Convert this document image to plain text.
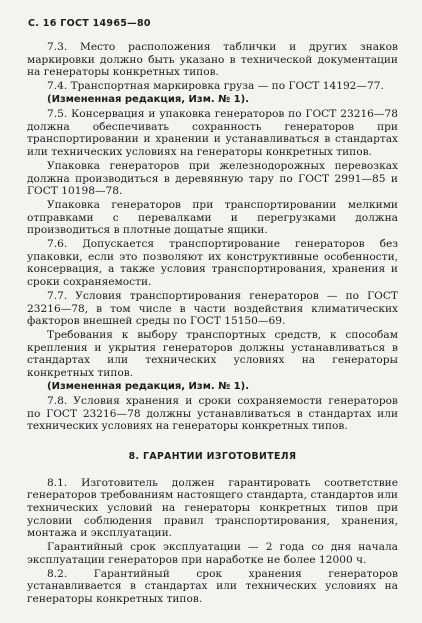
С. 16 ГОСТ 14965—80

7.3. Место расположения таблички и других знаков маркировки должно быть указано в технической документации на генераторы конкретных типов.

7.4. Транспортная маркировка груза — по ГОСТ 14192—77.

(Измененная редакция, Изм. № 1).

7.5. Консервация и упаковка генераторов по ГОСТ 23216—78 должна обеспечивать сохранность генераторов при транспортировании и хранении и устанавливаться в стандартах или технических условиях на генераторы конкретных типов.

Упаковка генераторов при железнодорожных перевозках должна производиться в деревянную тару по ГОСТ 2991—85 и ГОСТ 10198—78.

Упаковка генераторов при транспортировании мелкими отправками с перевалками и перегрузками должна производиться в плотные дощатые ящики.

7.6. Допускается транспортирование генераторов без упаковки, если это позволяют их конструктивные особенности, консервация, а также условия транспортирования, хранения и сроки сохраняемости.

7.7. Условия транспортирования генераторов — по ГОСТ 23216—78, в том числе в части воздействия климатических факторов внешней среды по ГОСТ 15150—69.

Требования к выбору транспортных средств, к способам крепления и укрытия генераторов должны устанавливаться в стандартах или технических условиях на генераторы конкретных типов.

(Измененная редакция, Изм. № 1).

7.8. Условия хранения и сроки сохраняемости генераторов по ГОСТ 23216—78 должны устанавливаться в стандартах или технических условиях на генераторы конкретных типов.

8. ГАРАНТИИ ИЗГОТОВИТЕЛЯ

8.1. Изготовитель должен гарантировать соответствие генераторов требованиям настоящего стандарта, стандартов или технических условий на генераторы конкретных типов при условии соблюдения правил транспортирования, хранения, монтажа и эксплуатации.

Гарантийный срок эксплуатации — 2 года со дня начала эксплуатации генераторов при наработке не более 12000 ч.

8.2. Гарантийный срок хранения генераторов устанавливается в стандартах или технических условиях на генераторы конкретных типов.
